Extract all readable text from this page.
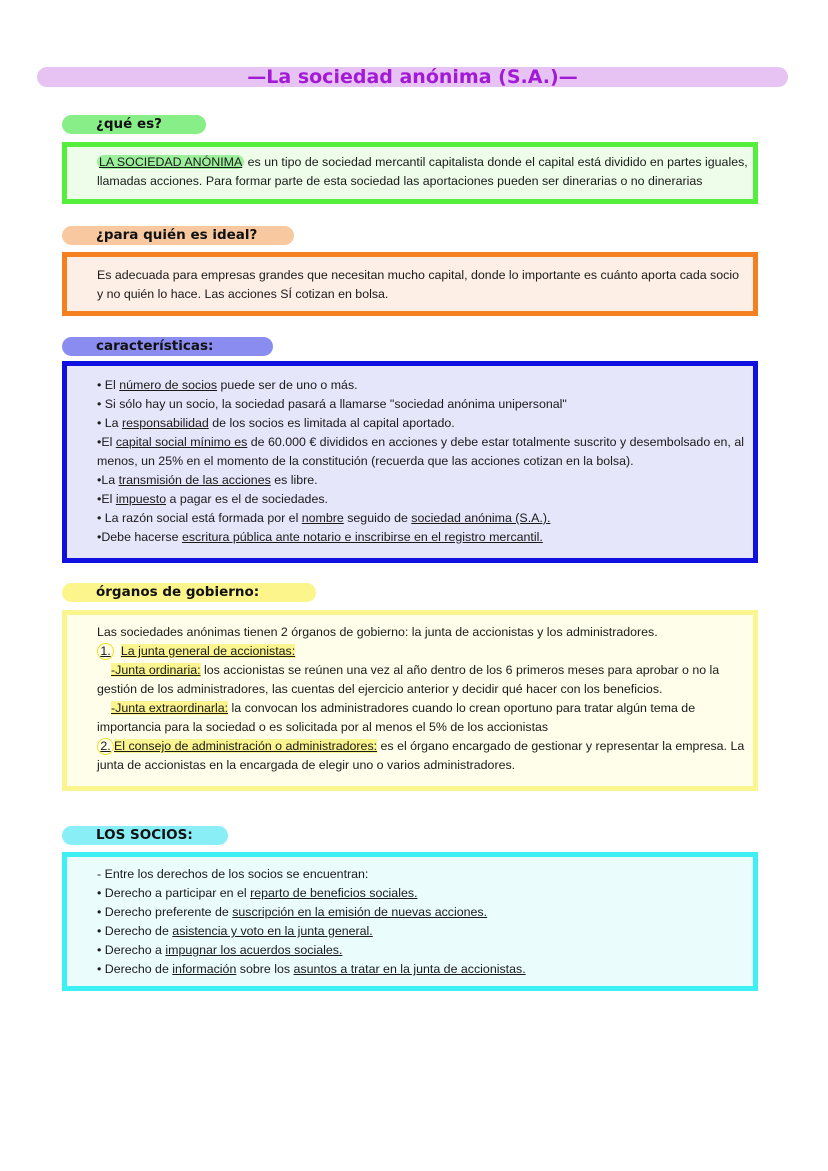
—La sociedad anónima (S.A.)—
¿qué es?

LA SOCIEDAD ANÓNIMA es un tipo de sociedad mercantil capitalista donde el capital está dividido en partes iguales,

llamadas acciones. Para formar parte de esta sociedad las aportaciones pueden ser dinerarias o no dinerarias

¿para quién es ideal?

Es adecuada para empresas grandes que necesitan mucho capital, donde lo importante es cuánto aporta cada socio

y no quién lo hace. Las acciones SÍ cotizan en bolsa.

características:

• El número de socios puede ser de uno o más.

• Si sólo hay un socio, la sociedad pasará a llamarse "sociedad anónima unipersonal"

• La responsabilidad de los socios es limitada al capital aportado.

•El capital social mínimo es de 60.000 € divididos en acciones y debe estar totalmente suscrito y desembolsado en, al

menos, un 25% en el momento de la constitución (recuerda que las acciones cotizan en la bolsa).

•La transmisión de las acciones es libre.

•El impuesto a pagar es el de sociedades.

• La razón social está formada por el nombre seguido de sociedad anónima (S.A.).

•Debe hacerse escritura pública ante notario e inscribirse en el registro mercantil.

órganos de gobierno:

Las sociedades anónimas tienen 2 órganos de gobierno: la junta de accionistas y los administradores.

1. La junta general de accionistas:

-Junta ordinaria: los accionistas se reúnen una vez al año dentro de los 6 primeros meses para aprobar o no la

gestión de los administradores, las cuentas del ejercicio anterior y decidir qué hacer con los beneficios.

-Junta extraordinarla: la convocan los administradores cuando lo crean oportuno para tratar algún tema de

importancia para la sociedad o es solicitada por al menos el 5% de los accionistas

2. El consejo de administración o administradores: es el órgano encargado de gestionar y representar la empresa. La

junta de accionistas en la encargada de elegir uno o varios administradores.

LOS SOCIOS:

- Entre los derechos de los socios se encuentran:

• Derecho a participar en el reparto de beneficios sociales.

• Derecho preferente de suscripción en la emisión de nuevas acciones.

• Derecho de asistencia y voto en la junta general.

• Derecho a impugnar los acuerdos sociales.

• Derecho de información sobre los asuntos a tratar en la junta de accionistas.
